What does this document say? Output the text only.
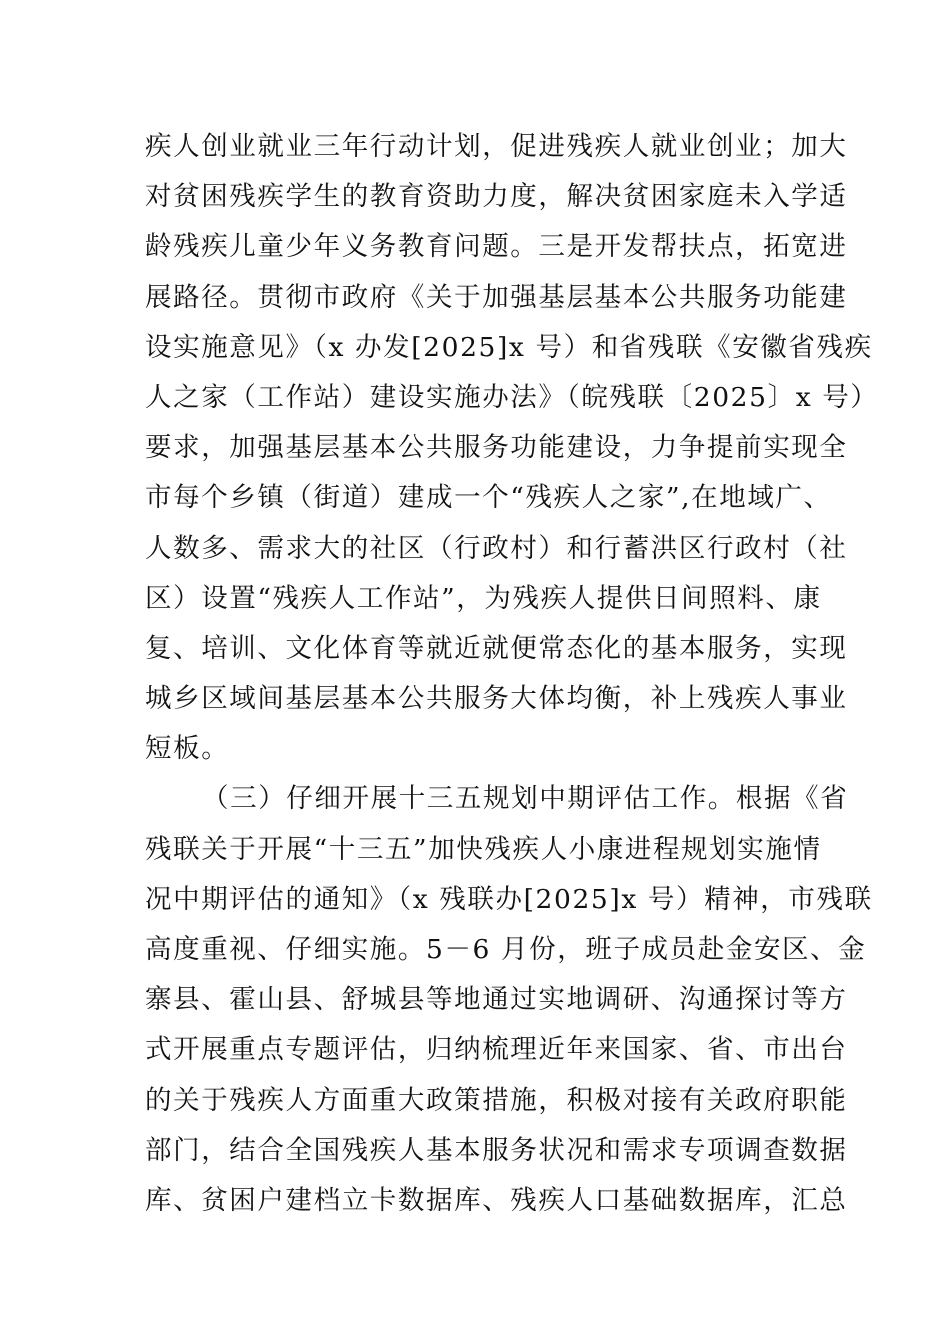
疾人创业就业三年行动计划，促进残疾人就业创业；加大
对贫困残疾学生的教育资助力度，解决贫困家庭未入学适
龄残疾儿童少年义务教育问题。三是开发帮扶点，拓宽进
展路径。贯彻市政府《关于加强基层基本公共服务功能建
设实施意见》（x 办发[2025]x 号）和省残联《安徽省残疾
人之家（工作站）建设实施办法》（皖残联〔2025〕x 号）
要求，加强基层基本公共服务功能建设，力争提前实现全
市每个乡镇（街道）建成一个“残疾人之家”,在地域广、
人数多、需求大的社区（行政村）和行蓄洪区行政村（社
区）设置“残疾人工作站”，为残疾人提供日间照料、康
复、培训、文化体育等就近就便常态化的基本服务，实现
城乡区域间基层基本公共服务大体均衡，补上残疾人事业
短板。
（三）仔细开展十三五规划中期评估工作。根据《省
残联关于开展“十三五”加快残疾人小康进程规划实施情
况中期评估的通知》（x 残联办[2025]x 号）精神，市残联
高度重视、仔细实施。5－6 月份，班子成员赴金安区、金
寨县、霍山县、舒城县等地通过实地调研、沟通探讨等方
式开展重点专题评估，归纳梳理近年来国家、省、市出台
的关于残疾人方面重大政策措施，积极对接有关政府职能
部门，结合全国残疾人基本服务状况和需求专项调查数据
库、贫困户建档立卡数据库、残疾人口基础数据库，汇总
